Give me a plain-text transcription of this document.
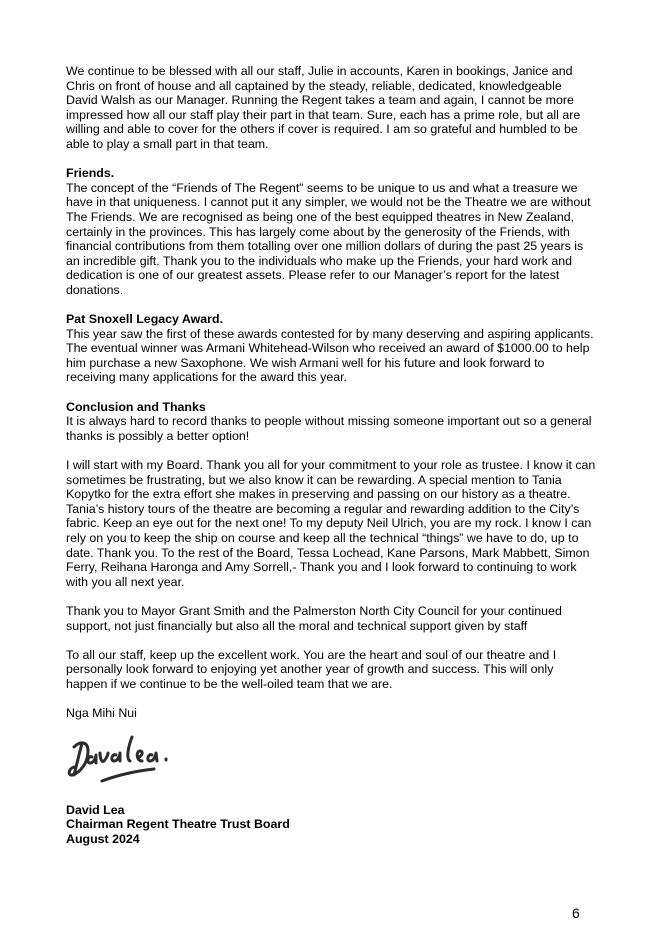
We continue to be blessed with all our staff, Julie in accounts, Karen in bookings, Janice and Chris on front of house and all captained by the steady, reliable, dedicated, knowledgeable David Walsh as our Manager. Running the Regent takes a team and again, I cannot be more impressed how all our staff play their part in that team. Sure, each has a prime role, but all are willing and able to cover for the others if cover is required. I am so grateful and humbled to be able to play a small part in that team.

Friends.

The concept of the “Friends of The Regent” seems to be unique to us and what a treasure we have in that uniqueness. I cannot put it any simpler, we would not be the Theatre we are without The Friends. We are recognised as being one of the best equipped theatres in New Zealand, certainly in the provinces. This has largely come about by the generosity of the Friends, with financial contributions from them totalling over one million dollars of during the past 25 years is an incredible gift. Thank you to the individuals who make up the Friends, your hard work and dedication is one of our greatest assets. Please refer to our Manager’s report for the latest donations.

Pat Snoxell Legacy Award.

This year saw the first of these awards contested for by many deserving and aspiring applicants. The eventual winner was Armani Whitehead-Wilson who received an award of $1000.00 to help him purchase a new Saxophone. We wish Armani well for his future and look forward to receiving many applications for the award this year.

Conclusion and Thanks

It is always hard to record thanks to people without missing someone important out so a general thanks is possibly a better option!

I will start with my Board. Thank you all for your commitment to your role as trustee. I know it can sometimes be frustrating, but we also know it can be rewarding. A special mention to Tania Kopytko for the extra effort she makes in preserving and passing on our history as a theatre. Tania’s history tours of the theatre are becoming a regular and rewarding addition to the City’s fabric. Keep an eye out for the next one! To my deputy Neil Ulrich, you are my rock. I know I can rely on you to keep the ship on course and keep all the technical “things” we have to do, up to date. Thank you. To the rest of the Board, Tessa Lochead, Kane Parsons, Mark Mabbett, Simon Ferry, Reihana Haronga and Amy Sorrell,- Thank you and I look forward to continuing to work with you all next year.

Thank you to Mayor Grant Smith and the Palmerston North City Council for your continued support, not just financially but also all the moral and technical support given by staff

To all our staff, keep up the excellent work. You are the heart and soul of our theatre and I personally look forward to enjoying yet another year of growth and success. This will only happen if we continue to be the well-oiled team that we are.

Nga Mihi Nui

David Lea

Chairman Regent Theatre Trust Board

August 2024

6
